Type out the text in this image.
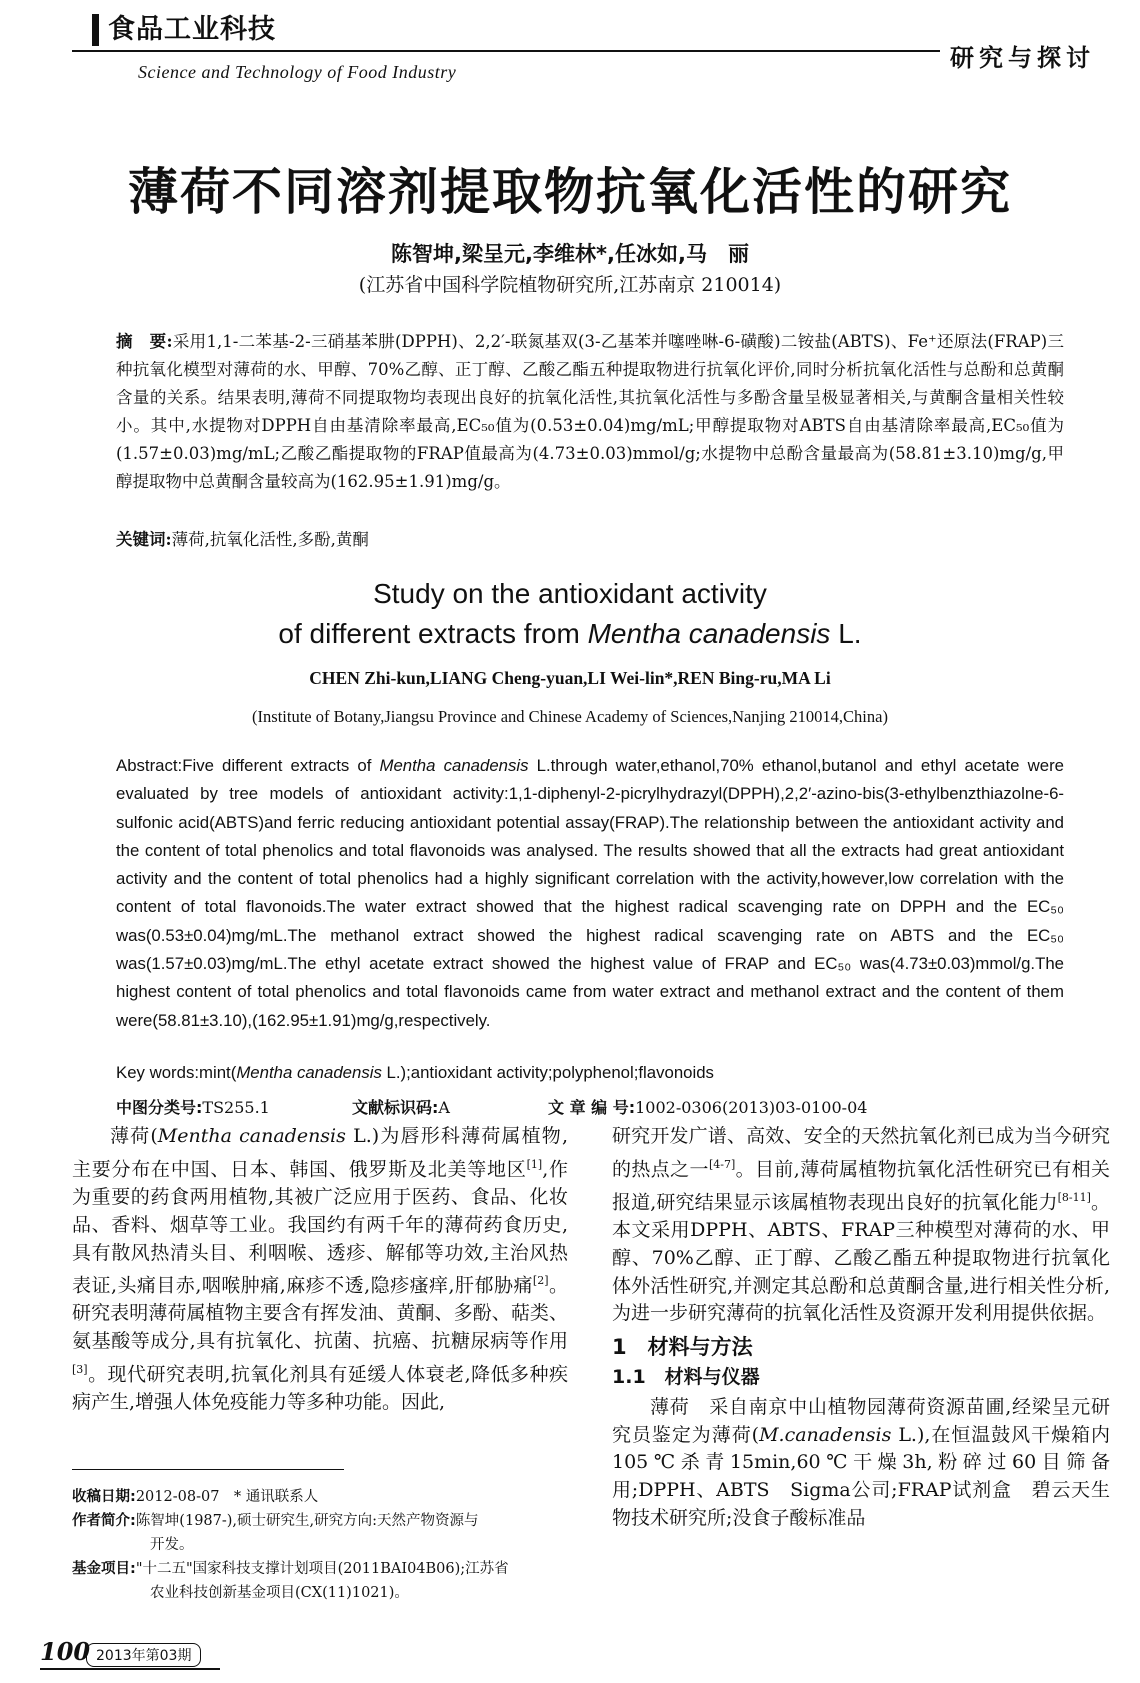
食品工业科技
Science and Technology of Food Industry	研究与探讨
薄荷不同溶剂提取物抗氧化活性的研究
陈智坤,梁呈元,李维林*,任冰如,马　丽
(江苏省中国科学院植物研究所,江苏南京 210014)
摘　要:采用1,1-二苯基-2-三硝基苯肼(DPPH)、2,2′-联氮基双(3-乙基苯并噻唑啉-6-磺酸)二铵盐(ABTS)、Fe⁺还原法(FRAP)三种抗氧化模型对薄荷的水、甲醇、70%乙醇、正丁醇、乙酸乙酯五种提取物进行抗氧化评价,同时分析抗氧化活性与总酚和总黄酮含量的关系。结果表明,薄荷不同提取物均表现出良好的抗氧化活性,其抗氧化活性与多酚含量呈极显著相关,与黄酮含量相关性较小。其中,水提物对DPPH自由基清除率最高,EC₅₀值为(0.53±0.04)mg/mL;甲醇提取物对ABTS自由基清除率最高,EC₅₀值为(1.57±0.03)mg/mL;乙酸乙酯提取物的FRAP值最高为(4.73±0.03)mmol/g;水提物中总酚含量最高为(58.81±3.10)mg/g,甲醇提取物中总黄酮含量较高为(162.95±1.91)mg/g。
关键词:薄荷,抗氧化活性,多酚,黄酮
Study on the antioxidant activity
of different extracts from Mentha canadensis L.
CHEN Zhi-kun,LIANG Cheng-yuan,LI Wei-lin*,REN Bing-ru,MA Li
(Institute of Botany,Jiangsu Province and Chinese Academy of Sciences,Nanjing 210014,China)
Abstract:Five different extracts of Mentha canadensis L.through water,ethanol,70% ethanol,butanol and ethyl acetate were evaluated by tree models of antioxidant activity:1,1-diphenyl-2-picrylhydrazyl(DPPH),2,2′-azino-bis(3-ethylbenzthiazolne-6-sulfonic acid(ABTS)and ferric reducing antioxidant potential assay(FRAP).The relationship between the antioxidant activity and the content of total phenolics and total flavonoids was analysed. The results showed that all the extracts had great antioxidant activity and the content of total phenolics had a highly significant correlation with the activity,however,low correlation with the content of total flavonoids.The water extract showed that the highest radical scavenging rate on DPPH and the EC₅₀ was(0.53±0.04)mg/mL.The methanol extract showed the highest radical scavenging rate on ABTS and the EC₅₀ was(1.57±0.03)mg/mL.The ethyl acetate extract showed the highest value of FRAP and EC₅₀ was(4.73±0.03)mmol/g.The highest content of total phenolics and total flavonoids came from water extract and methanol extract and the content of them were(58.81±3.10),(162.95±1.91)mg/g,respectively.
Key words:mint(Mentha canadensis L.);antioxidant activity;polyphenol;flavonoids
中图分类号:TS255.1	文献标识码:A	文 章 编 号:1002-0306(2013)03-0100-04

薄荷(Mentha canadensis L.)为唇形科薄荷属植物,主要分布在中国、日本、韩国、俄罗斯及北美等地区[1],作为重要的药食两用植物,其被广泛应用于医药、食品、化妆品、香料、烟草等工业。我国约有两千年的薄荷药食历史,具有散风热清头目、利咽喉、透疹、解郁等功效,主治风热表证,头痛目赤,咽喉肿痛,麻疹不透,隐疹瘙痒,肝郁胁痛[2]。研究表明薄荷属植物主要含有挥发油、黄酮、多酚、萜类、氨基酸等成分,具有抗氧化、抗菌、抗癌、抗糖尿病等作用[3]。现代研究表明,抗氧化剂具有延缓人体衰老,降低多种疾病产生,增强人体免疫能力等多种功能。因此,

收稿日期:2012-08-07　 * 通讯联系人
作者简介:陈智坤(1987-),硕士研究生,研究方向:天然产物资源与
开发。
基金项目:"十二五"国家科技支撑计划项目(2011BAI04B06);江苏省
农业科技创新基金项目(CX(11)1021)。

研究开发广谱、高效、安全的天然抗氧化剂已成为当今研究的热点之一[4-7]。目前,薄荷属植物抗氧化活性研究已有相关报道,研究结果显示该属植物表现出良好的抗氧化能力[8-11]。本文采用DPPH、ABTS、FRAP三种模型对薄荷的水、甲醇、70%乙醇、正丁醇、乙酸乙酯五种提取物进行抗氧化体外活性研究,并测定其总酚和总黄酮含量,进行相关性分析,为进一步研究薄荷的抗氧化活性及资源开发利用提供依据。

1　材料与方法
1.1　材料与仪器

薄荷　采自南京中山植物园薄荷资源苗圃,经梁呈元研究员鉴定为薄荷(M.canadensis L.),在恒温鼓风干燥箱内105℃杀青15min,60℃干燥3h,粉碎过60目筛备用;DPPH、ABTS　Sigma公司;FRAP试剂盒　碧云天生物技术研究所;没食子酸标准品

100 2013年第03期
